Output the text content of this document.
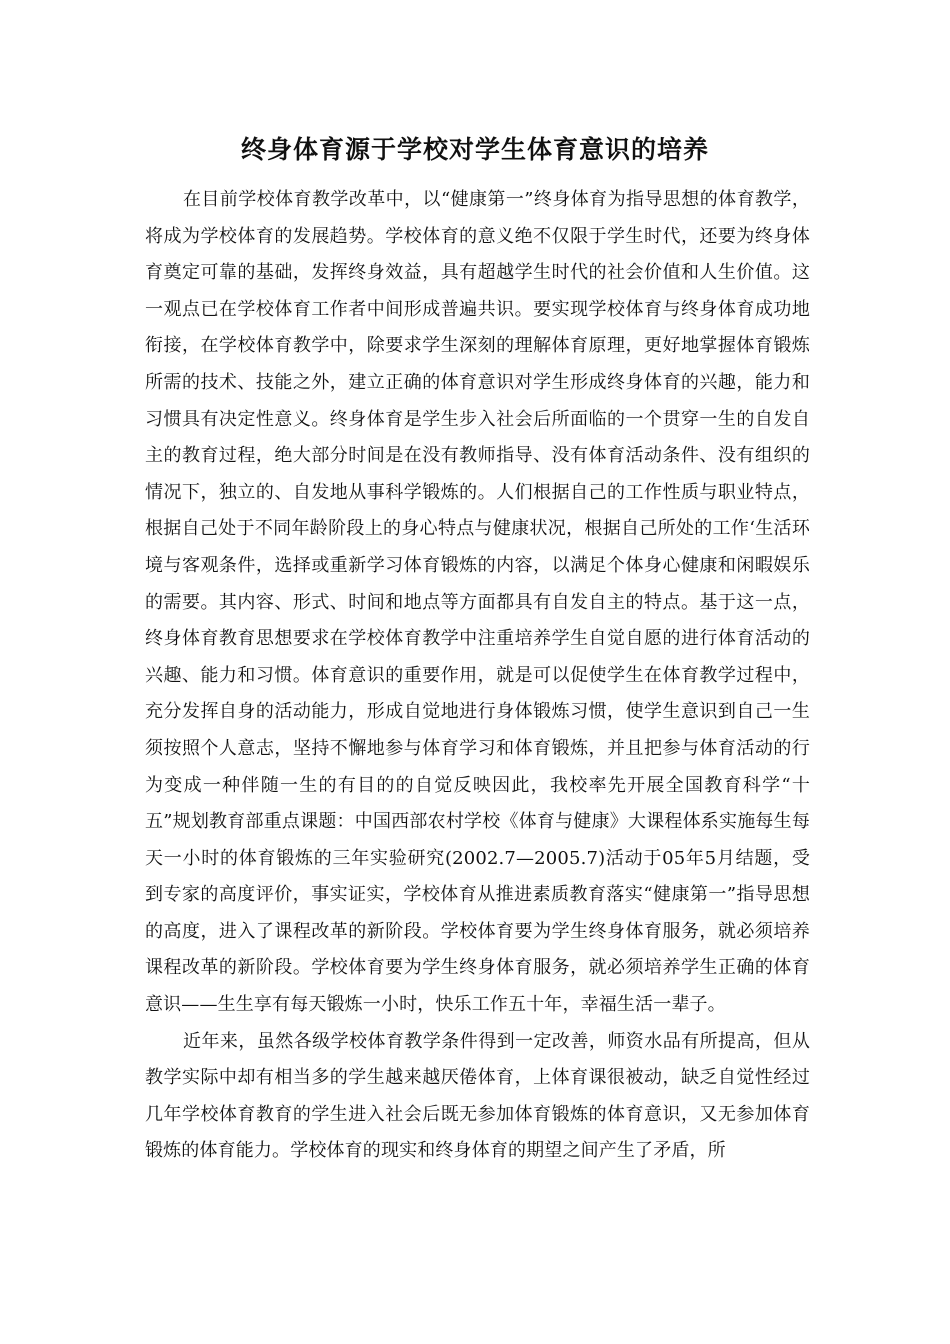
终身体育源于学校对学生体育意识的培养

在目前学校体育教学改革中，以“健康第一”终身体育为指导思想的体育教学，将成为学校体育的发展趋势。学校体育的意义绝不仅限于学生时代，还要为终身体育奠定可靠的基础，发挥终身效益，具有超越学生时代的社会价值和人生价值。这一观点已在学校体育工作者中间形成普遍共识。要实现学校体育与终身体育成功地衔接，在学校体育教学中，除要求学生深刻的理解体育原理，更好地掌握体育锻炼所需的技术、技能之外，建立正确的体育意识对学生形成终身体育的兴趣，能力和习惯具有决定性意义。终身体育是学生步入社会后所面临的一个贯穿一生的自发自主的教育过程，绝大部分时间是在没有教师指导、没有体育活动条件、没有组织的情况下，独立的、自发地从事科学锻炼的。人们根据自己的工作性质与职业特点，根据自己处于不同年龄阶段上的身心特点与健康状况，根据自己所处的工作‘生活环境与客观条件，选择或重新学习体育锻炼的内容，以满足个体身心健康和闲暇娱乐的需要。其内容、形式、时间和地点等方面都具有自发自主的特点。基于这一点，终身体育教育思想要求在学校体育教学中注重培养学生自觉自愿的进行体育活动的兴趣、能力和习惯。体育意识的重要作用，就是可以促使学生在体育教学过程中，充分发挥自身的活动能力，形成自觉地进行身体锻炼习惯，使学生意识到自己一生须按照个人意志，坚持不懈地参与体育学习和体育锻炼，并且把参与体育活动的行为变成一种伴随一生的有目的的自觉反映因此，我校率先开展全国教育科学“十五”规划教育部重点课题：中国西部农村学校《体育与健康》大课程体系实施每生每天一小时的体育锻炼的三年实验研究(2002.7—2005.7)活动于05年5月结题，受到专家的高度评价，事实证实，学校体育从推进素质教育落实“健康第一”指导思想的高度，进入了课程改革的新阶段。学校体育要为学生终身体育服务，就必须培养课程改革的新阶段。学校体育要为学生终身体育服务，就必须培养学生正确的体育意识——生生享有每天锻炼一小时，快乐工作五十年，幸福生活一辈子。

近年来，虽然各级学校体育教学条件得到一定改善，师资水品有所提高，但从教学实际中却有相当多的学生越来越厌倦体育，上体育课很被动，缺乏自觉性经过几年学校体育教育的学生进入社会后既无参加体育锻炼的体育意识，又无参加体育锻炼的体育能力。学校体育的现实和终身体育的期望之间产生了矛盾，所
